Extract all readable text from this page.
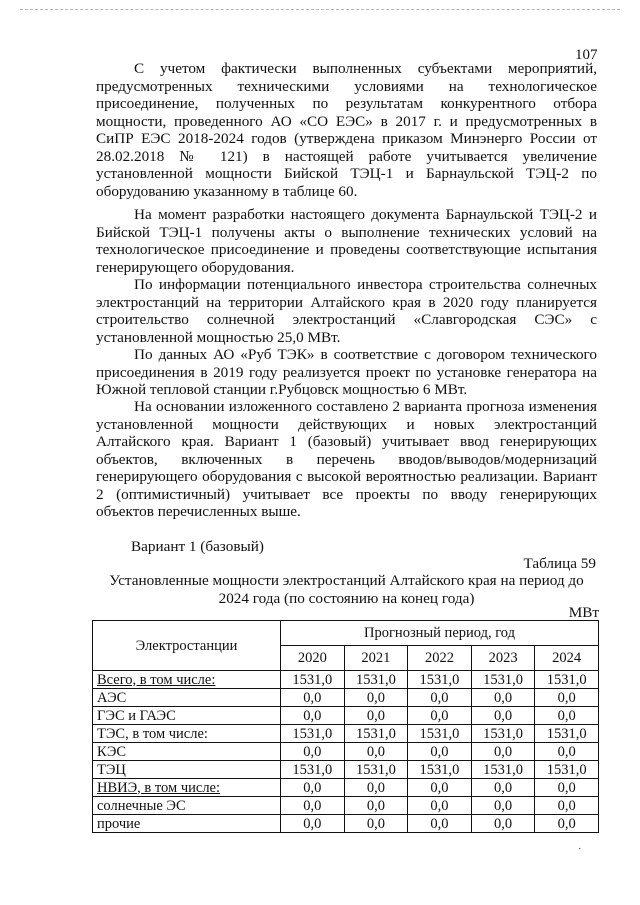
107

С учетом фактически выполненных субъектами мероприятий, предусмотренных техническими условиями на технологическое присоединение, полученных по результатам конкурентного отбора мощности, проведенного АО «СО ЕЭС» в 2017 г. и предусмотренных в СиПР ЕЭС 2018-2024 годов (утверждена приказом Минэнерго России от 28.02.2018 № 121) в настоящей работе учитывается увеличение установленной мощности Бийской ТЭЦ-1 и Барнаульской ТЭЦ-2 по оборудованию указанному в таблице 60.

На момент разработки настоящего документа Барнаульской ТЭЦ-2 и Бийской ТЭЦ-1 получены акты о выполнение технических условий на технологическое присоединение и проведены соответствующие испытания генерирующего оборудования.

По информации потенциального инвестора строительства солнечных электростанций на территории Алтайского края в 2020 году планируется строительство солнечной электростанций «Славгородская СЭС» с установленной мощностью 25,0 МВт.

По данных АО «Руб ТЭК» в соответствие с договором технического присоединения в 2019 году реализуется проект по установке генератора на Южной тепловой станции г.Рубцовск мощностью 6 МВт.

На основании изложенного составлено 2 варианта прогноза изменения установленной мощности действующих и новых электростанций Алтайского края. Вариант 1 (базовый) учитывает ввод генерирующих объектов, включенных в перечень вводов/выводов/модернизаций генерирующего оборудования с высокой вероятностью реализации. Вариант 2 (оптимистичный) учитывает все проекты по вводу генерирующих объектов перечисленных выше.

Вариант 1 (базовый)
Таблица 59
Установленные мощности электростанций Алтайского края на период до 2024 года (по состоянию на конец года)
МВт
Электростанции	Прогнозный период, год				
	2020	2021	2022	2023	2024
Всего, в том числе:	1531,0	1531,0	1531,0	1531,0	1531,0
АЭС	0,0	0,0	0,0	0,0	0,0
ГЭС и ГАЭС	0,0	0,0	0,0	0,0	0,0
ТЭС, в том числе:	1531,0	1531,0	1531,0	1531,0	1531,0
КЭС	0,0	0,0	0,0	0,0	0,0
ТЭЦ	1531,0	1531,0	1531,0	1531,0	1531,0
НВИЭ, в том числе:	0,0	0,0	0,0	0,0	0,0
солнечные ЭС	0,0	0,0	0,0	0,0	0,0
прочие	0,0	0,0	0,0	0,0	0,0
·
